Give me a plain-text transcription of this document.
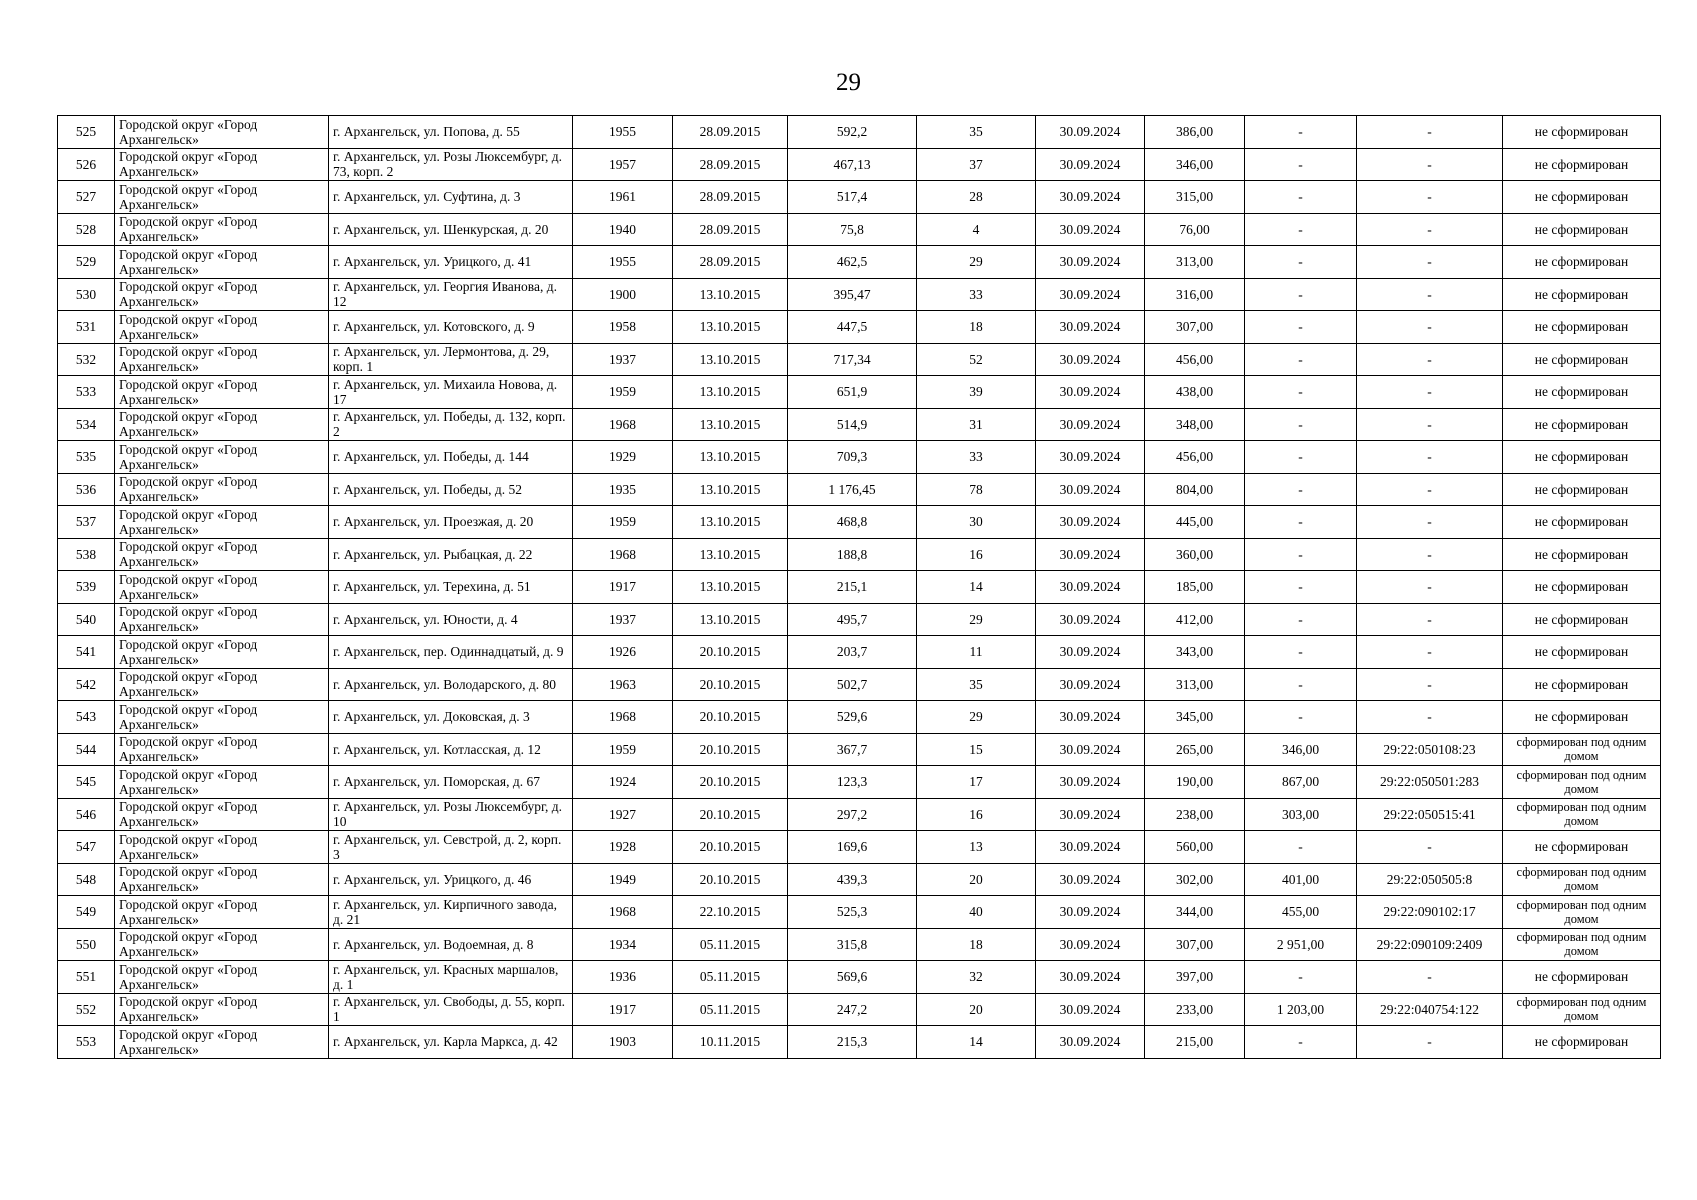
29
525	Городской округ «Город Архангельск»	г. Архангельск, ул. Попова, д. 55	1955	28.09.2015	592,2	35	30.09.2024	386,00	-	-	не сформирован
526	Городской округ «Город Архангельск»	г. Архангельск, ул. Розы Люксембург, д. 73, корп. 2	1957	28.09.2015	467,13	37	30.09.2024	346,00	-	-	не сформирован
527	Городской округ «Город Архангельск»	г. Архангельск, ул. Суфтина, д. 3	1961	28.09.2015	517,4	28	30.09.2024	315,00	-	-	не сформирован
528	Городской округ «Город Архангельск»	г. Архангельск, ул. Шенкурская, д. 20	1940	28.09.2015	75,8	4	30.09.2024	76,00	-	-	не сформирован
529	Городской округ «Город Архангельск»	г. Архангельск, ул. Урицкого, д. 41	1955	28.09.2015	462,5	29	30.09.2024	313,00	-	-	не сформирован
530	Городской округ «Город Архангельск»	г. Архангельск, ул. Георгия Иванова, д. 12	1900	13.10.2015	395,47	33	30.09.2024	316,00	-	-	не сформирован
531	Городской округ «Город Архангельск»	г. Архангельск, ул. Котовского, д. 9	1958	13.10.2015	447,5	18	30.09.2024	307,00	-	-	не сформирован
532	Городской округ «Город Архангельск»	г. Архангельск, ул. Лермонтова, д. 29, корп. 1	1937	13.10.2015	717,34	52	30.09.2024	456,00	-	-	не сформирован
533	Городской округ «Город Архангельск»	г. Архангельск, ул. Михаила Новова, д. 17	1959	13.10.2015	651,9	39	30.09.2024	438,00	-	-	не сформирован
534	Городской округ «Город Архангельск»	г. Архангельск, ул. Победы, д. 132, корп. 2	1968	13.10.2015	514,9	31	30.09.2024	348,00	-	-	не сформирован
535	Городской округ «Город Архангельск»	г. Архангельск, ул. Победы, д. 144	1929	13.10.2015	709,3	33	30.09.2024	456,00	-	-	не сформирован
536	Городской округ «Город Архангельск»	г. Архангельск, ул. Победы, д. 52	1935	13.10.2015	1 176,45	78	30.09.2024	804,00	-	-	не сформирован
537	Городской округ «Город Архангельск»	г. Архангельск, ул. Проезжая, д. 20	1959	13.10.2015	468,8	30	30.09.2024	445,00	-	-	не сформирован
538	Городской округ «Город Архангельск»	г. Архангельск, ул. Рыбацкая, д. 22	1968	13.10.2015	188,8	16	30.09.2024	360,00	-	-	не сформирован
539	Городской округ «Город Архангельск»	г. Архангельск, ул. Терехина, д. 51	1917	13.10.2015	215,1	14	30.09.2024	185,00	-	-	не сформирован
540	Городской округ «Город Архангельск»	г. Архангельск, ул. Юности, д. 4	1937	13.10.2015	495,7	29	30.09.2024	412,00	-	-	не сформирован
541	Городской округ «Город Архангельск»	г. Архангельск, пер. Одиннадцатый, д. 9	1926	20.10.2015	203,7	11	30.09.2024	343,00	-	-	не сформирован
542	Городской округ «Город Архангельск»	г. Архангельск, ул. Володарского, д. 80	1963	20.10.2015	502,7	35	30.09.2024	313,00	-	-	не сформирован
543	Городской округ «Город Архангельск»	г. Архангельск, ул. Доковская, д. 3	1968	20.10.2015	529,6	29	30.09.2024	345,00	-	-	не сформирован
544	Городской округ «Город Архангельск»	г. Архангельск, ул. Котласская, д. 12	1959	20.10.2015	367,7	15	30.09.2024	265,00	346,00	29:22:050108:23	сформирован под одним домом
545	Городской округ «Город Архангельск»	г. Архангельск, ул. Поморская, д. 67	1924	20.10.2015	123,3	17	30.09.2024	190,00	867,00	29:22:050501:283	сформирован под одним домом
546	Городской округ «Город Архангельск»	г. Архангельск, ул. Розы Люксембург, д. 10	1927	20.10.2015	297,2	16	30.09.2024	238,00	303,00	29:22:050515:41	сформирован под одним домом
547	Городской округ «Город Архангельск»	г. Архангельск, ул. Севстрой, д. 2, корп. 3	1928	20.10.2015	169,6	13	30.09.2024	560,00	-	-	не сформирован
548	Городской округ «Город Архангельск»	г. Архангельск, ул. Урицкого, д. 46	1949	20.10.2015	439,3	20	30.09.2024	302,00	401,00	29:22:050505:8	сформирован под одним домом
549	Городской округ «Город Архангельск»	г. Архангельск, ул. Кирпичного завода, д. 21	1968	22.10.2015	525,3	40	30.09.2024	344,00	455,00	29:22:090102:17	сформирован под одним домом
550	Городской округ «Город Архангельск»	г. Архангельск, ул. Водоемная, д. 8	1934	05.11.2015	315,8	18	30.09.2024	307,00	2 951,00	29:22:090109:2409	сформирован под одним домом
551	Городской округ «Город Архангельск»	г. Архангельск, ул. Красных маршалов, д. 1	1936	05.11.2015	569,6	32	30.09.2024	397,00	-	-	не сформирован
552	Городской округ «Город Архангельск»	г. Архангельск, ул. Свободы, д. 55, корп. 1	1917	05.11.2015	247,2	20	30.09.2024	233,00	1 203,00	29:22:040754:122	сформирован под одним домом
553	Городской округ «Город Архангельск»	г. Архангельск, ул. Карла Маркса, д. 42	1903	10.11.2015	215,3	14	30.09.2024	215,00	-	-	не сформирован
